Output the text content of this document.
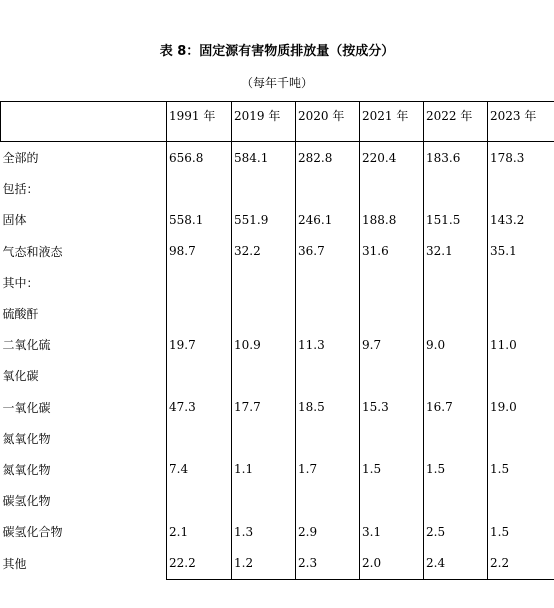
表 8：固定源有害物质排放量（按成分）
（每年千吨）
	1991 年	2019 年	2020 年	2021 年	2022 年	2023 年
全部的	656.8	584.1	282.8	220.4	183.6	178.3
包括：						
固体	558.1	551.9	246.1	188.8	151.5	143.2
气态和液态	98.7	32.2	36.7	31.6	32.1	35.1
其中：						
硫酸酐						
二氧化硫	19.7	10.9	11.3	9.7	9.0	11.0
氧化碳						
一氧化碳	47.3	17.7	18.5	15.3	16.7	19.0
氮氧化物						
氮氧化物	7.4	1.1	1.7	1.5	1.5	1.5
碳氢化物						
碳氢化合物	2.1	1.3	2.9	3.1	2.5	1.5
其他	22.2	1.2	2.3	2.0	2.4	2.2
